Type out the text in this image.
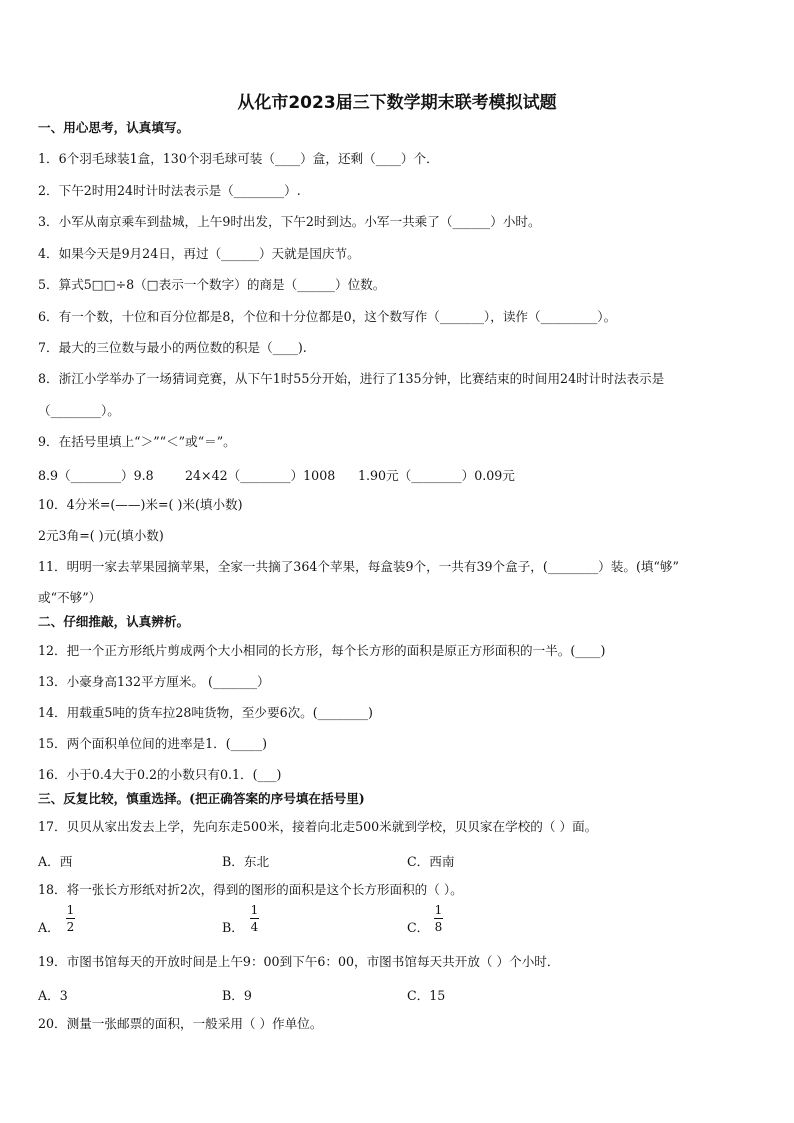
从化市2023届三下数学期末联考模拟试题
一、用心思考，认真填写。
1．6个羽毛球装1盒，130个羽毛球可装（____）盒，还剩（____）个．
2．下午2时用24时计时法表示是（________）.
3．小军从南京乘车到盐城，上午9时出发，下午2时到达。小军一共乘了（______）小时。
4．如果今天是9月24日，再过（______）天就是国庆节。
5．算式5□□÷8（□表示一个数字）的商是（______）位数。
6．有一个数，十位和百分位都是8，个位和十分位都是0，这个数写作（_______），读作（_________）。
7．最大的三位数与最小的两位数的积是（____).
8．浙江小学举办了一场猜词竞赛，从下午1时55分开始，进行了135分钟，比赛结束的时间用24时计时法表示是
（________）。
9．在括号里填上“＞”“＜”或“＝”。
8.9（________）9.8 24×42（________）1008 1.90元（________）0.09元
10．4分米=(——)米=( )米(填小数)
2元3角=( )元(填小数)
11．明明一家去苹果园摘苹果，全家一共摘了364个苹果，每盒装9个，一共有39个盒子，(________）装。(填“够”
或“不够”）
二、仔细推敲，认真辨析。
12．把一个正方形纸片剪成两个大小相同的长方形，每个长方形的面积是原正方形面积的一半。(____)
13．小豪身高132平方厘米。 (_______）
14．用载重5吨的货车拉28吨货物，至少要6次。(________)
15．两个面积单位间的进率是1．(_____)
16．小于0.4大于0.2的小数只有0.1．(___)
三、反复比较，慎重选择。(把正确答案的序号填在括号里)
17．贝贝从家出发去上学，先向东走500米，接着向北走500米就到学校，贝贝家在学校的（ ）面。
A．西	B．东北	C．西南
18．将一张长方形纸对折2次，得到的图形的面积是这个长方形面积的（ ）。
A．
1
2	B．
1
4	C．
1
8
19．市图书馆每天的开放时间是上午9：00到下午6：00，市图书馆每天共开放（ ）个小时．
A．3	B．9	C．15
20．测量一张邮票的面积，一般采用（ ）作单位。
